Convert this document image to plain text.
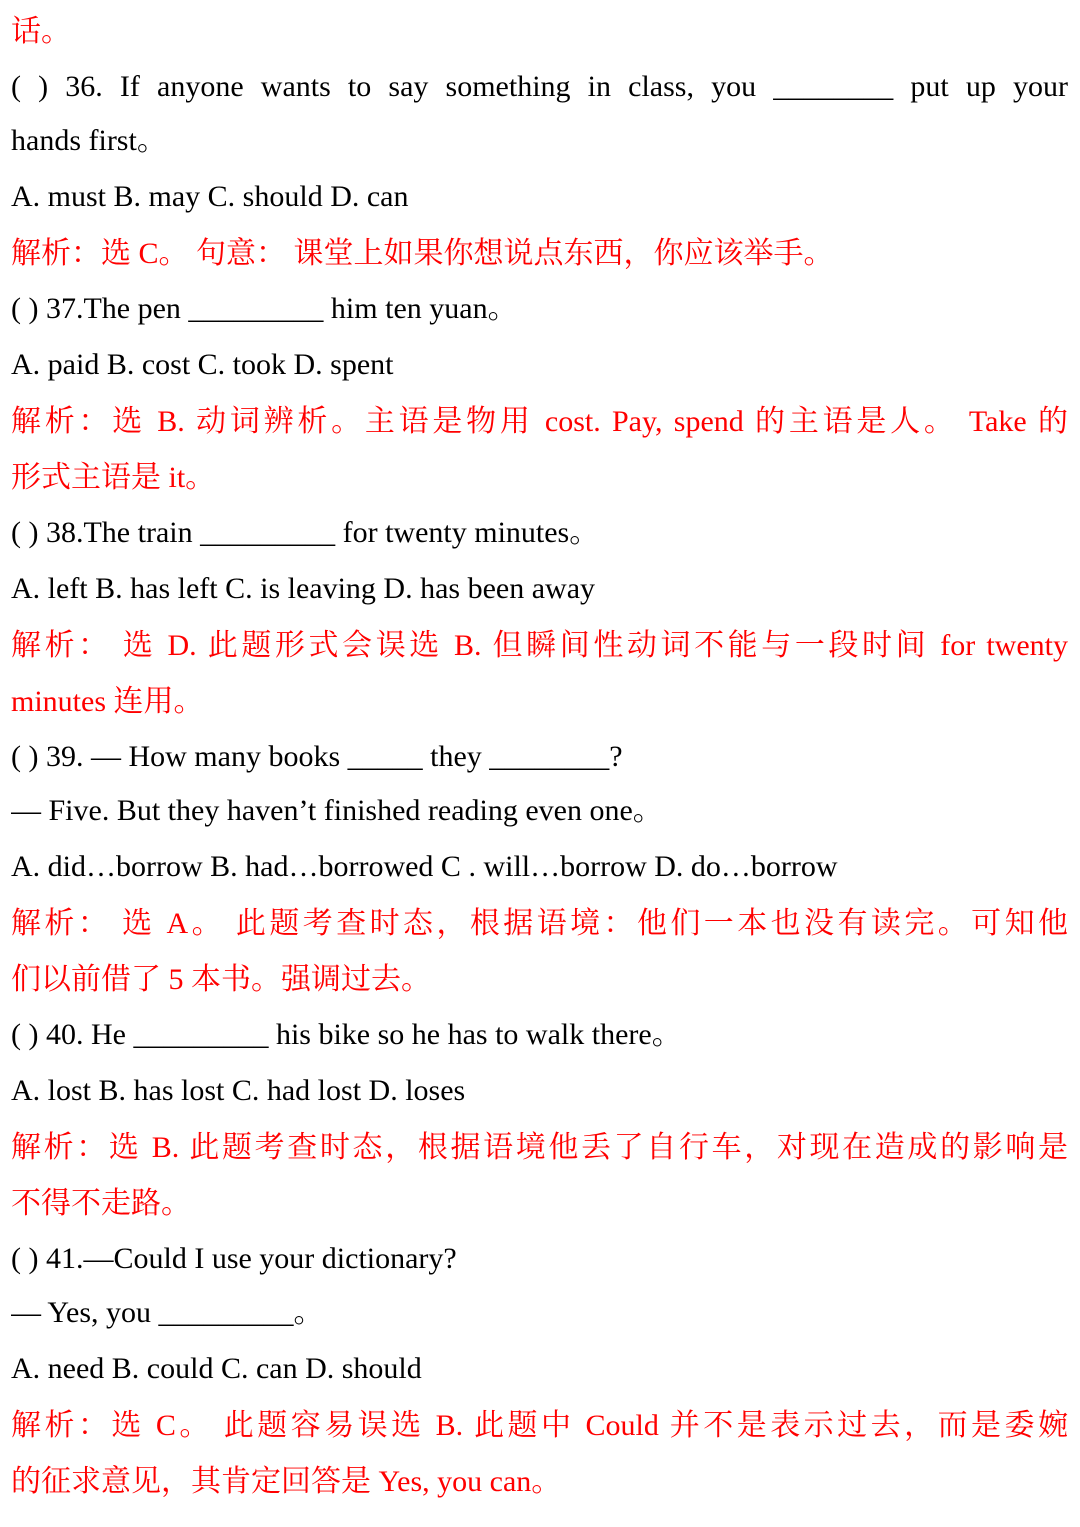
话。

( ) 36. If anyone wants to say something in class, you ________ put up your

hands first。

A. must B. may C. should D. can

解析：选 C。 句意： 课堂上如果你想说点东西，你应该举手。

( ) 37.The pen _________ him ten yuan。

A. paid B. cost C. took D. spent

解析：选 B. 动词辨析。主语是物用 cost. Pay, spend 的主语是人。 Take 的

形式主语是 it。

( ) 38.The train _________ for twenty minutes。

A. left B. has left C. is leaving D. has been away

解析： 选 D. 此题形式会误选 B. 但瞬间性动词不能与一段时间 for twenty

minutes 连用。

( ) 39. — How many books _____ they ________?

— Five. But they haven’t finished reading even one。

A. did…borrow B. had…borrowed C . will…borrow D. do…borrow

解析： 选 A。 此题考查时态，根据语境：他们一本也没有读完。可知他

们以前借了 5 本书。强调过去。

( ) 40. He _________ his bike so he has to walk there。

A. lost B. has lost C. had lost D. loses

解析：选 B. 此题考查时态，根据语境他丢了自行车，对现在造成的影响是

不得不走路。

( ) 41.—Could I use your dictionary?

— Yes, you _________。

A. need B. could C. can D. should

解析：选 C。 此题容易误选 B. 此题中 Could 并不是表示过去，而是委婉

的征求意见，其肯定回答是 Yes, you can。
